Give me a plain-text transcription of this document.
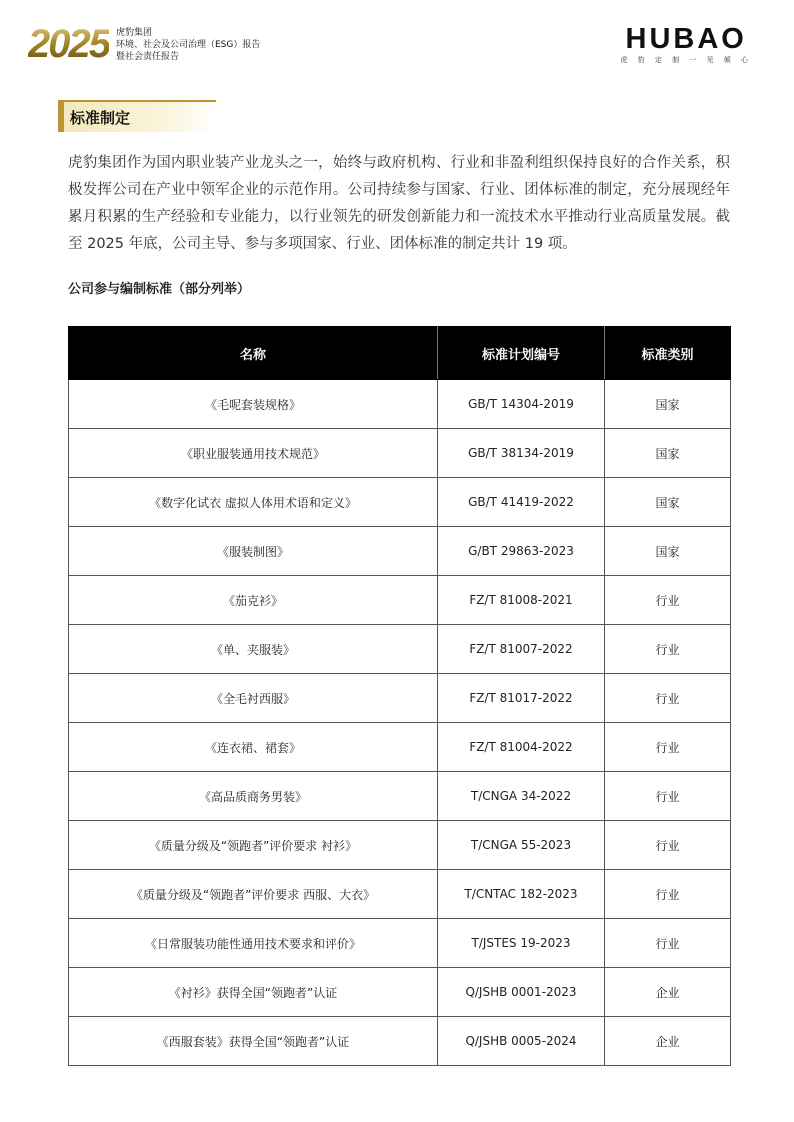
2025 虎豹集团
环境、社会及公司治理（ESG）报告
暨社会责任报告
HUBAO
虎 豹 定 制 一 见 倾 心
标准制定
虎豹集团作为国内职业装产业龙头之一，始终与政府机构、行业和非盈利组织保持良好的合作关系，积极发挥公司在产业中领军企业的示范作用。公司持续参与国家、行业、团体标准的制定，充分展现经年累月积累的生产经验和专业能力，以行业领先的研发创新能力和一流技术水平推动行业高质量发展。截至 2025 年底，公司主导、参与多项国家、行业、团体标准的制定共计 19 项。
公司参与编制标准（部分列举）
名称	标准计划编号	标准类别
《毛呢套装规格》	GB/T 14304-2019	国家
《职业服装通用技术规范》	GB/T 38134-2019	国家
《数字化试衣 虚拟人体用术语和定义》	GB/T 41419-2022	国家
《服装制图》	G/BT 29863-2023	国家
《茄克衫》	FZ/T 81008-2021	行业
《单、夹服装》	FZ/T 81007-2022	行业
《全毛衬西服》	FZ/T 81017-2022	行业
《连衣裙、裙套》	FZ/T 81004-2022	行业
《高品质商务男装》	T/CNGA 34-2022	行业
《质量分级及“领跑者”评价要求 衬衫》	T/CNGA 55-2023	行业
《质量分级及“领跑者”评价要求 西服、大衣》	T/CNTAC 182-2023	行业
《日常服装功能性通用技术要求和评价》	T/JSTES 19-2023	行业
《衬衫》获得全国“领跑者”认证	Q/JSHB 0001-2023	企业
《西服套装》获得全国“领跑者”认证	Q/JSHB 0005-2024	企业
